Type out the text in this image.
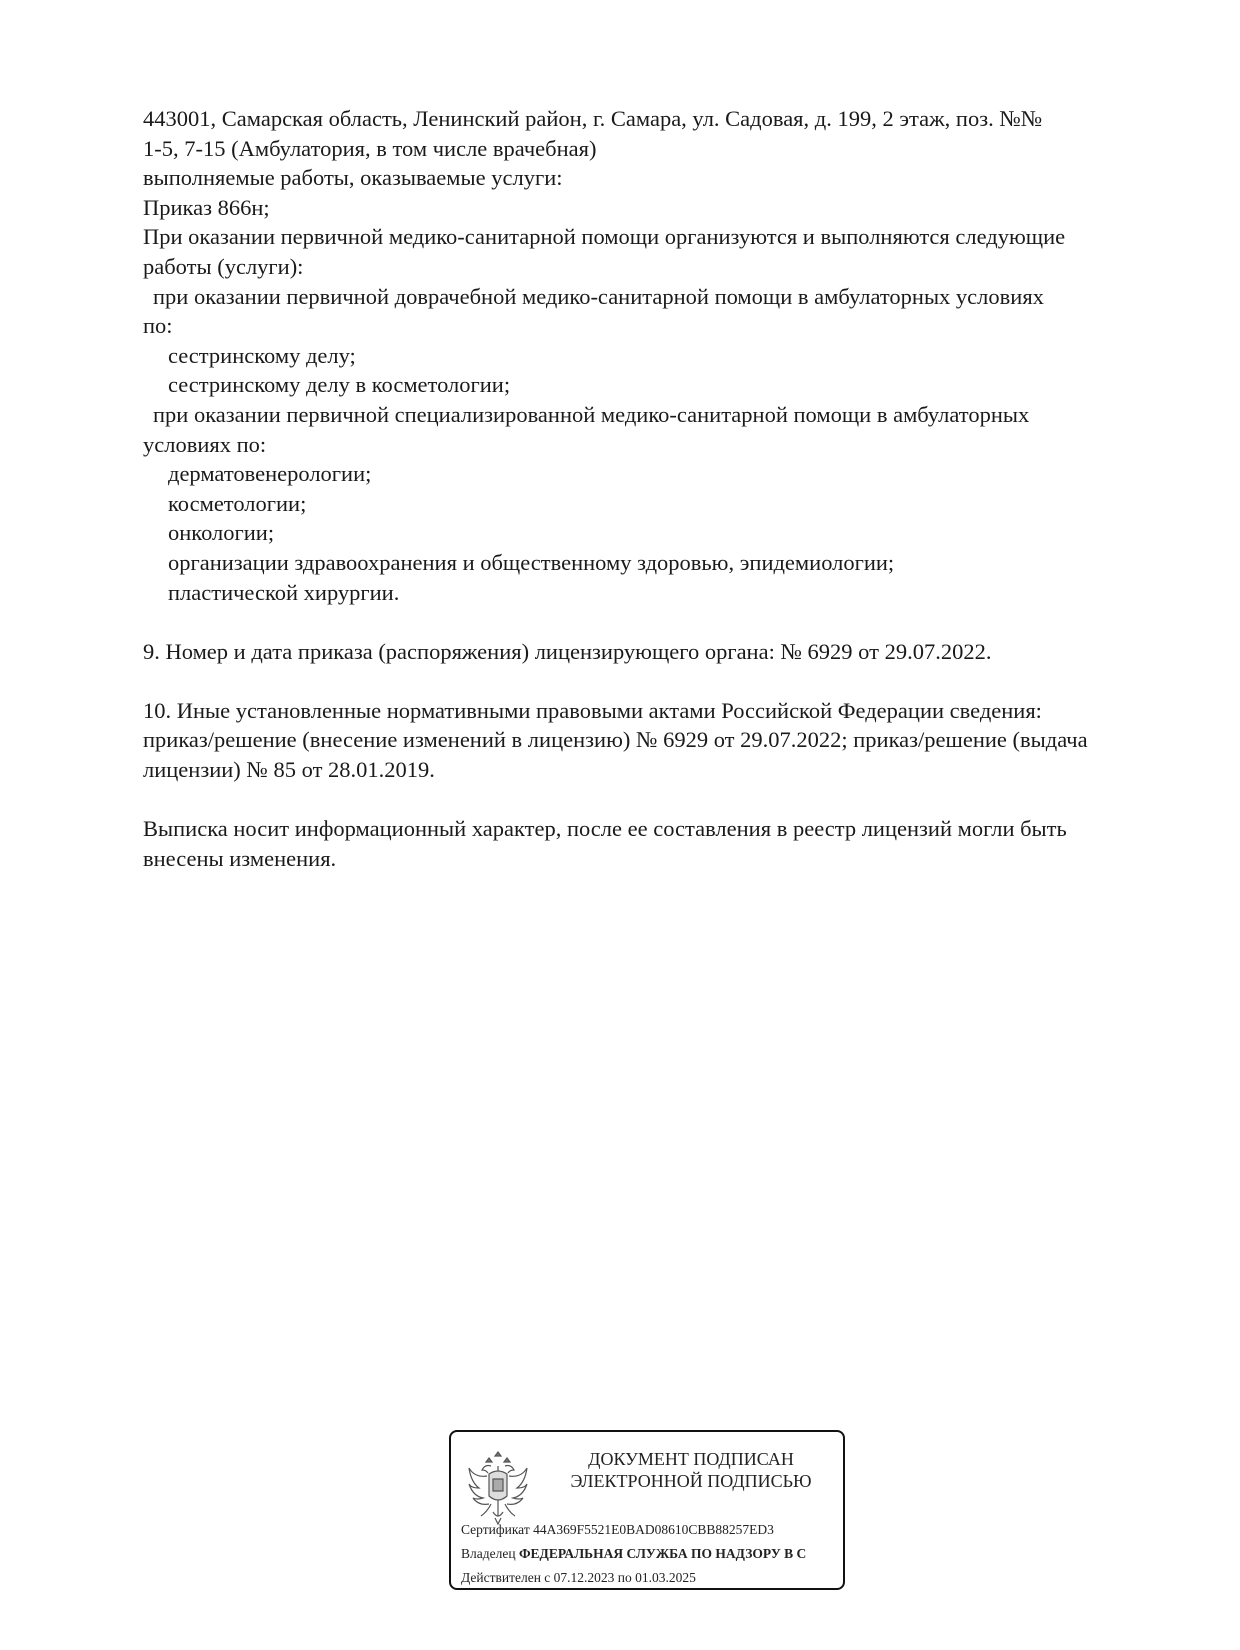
443001, Самарская область, Ленинский район, г. Самара, ул. Садовая, д. 199, 2 этаж, поз. №№
1-5, 7-15 (Амбулатория, в том числе врачебная)
выполняемые работы, оказываемые услуги:
Приказ 866н;
При оказании первичной медико-санитарной помощи организуются и выполняются следующие
работы (услуги):
при оказании первичной доврачебной медико-санитарной помощи в амбулаторных условиях
по:
сестринскому делу;
сестринскому делу в косметологии;
при оказании первичной специализированной медико-санитарной помощи в амбулаторных
условиях по:
дерматовенерологии;
косметологии;
онкологии;
организации здравоохранения и общественному здоровью, эпидемиологии;
пластической хирургии.
9. Номер и дата приказа (распоряжения) лицензирующего органа: № 6929 от 29.07.2022.
10. Иные установленные нормативными правовыми актами Российской Федерации сведения:
приказ/решение (внесение изменений в лицензию) № 6929 от 29.07.2022; приказ/решение (выдача
лицензии) № 85 от 28.01.2019.
Выписка носит информационный характер, после ее составления в реестр лицензий могли быть
внесены изменения.
ДОКУМЕНТ ПОДПИСАН
ЭЛЕКТРОННОЙ ПОДПИСЬЮ
Сертификат 44A369F5521E0BAD08610CBB88257ED3
Владелец ФЕДЕРАЛЬНАЯ СЛУЖБА ПО НАДЗОРУ В С
Действителен с 07.12.2023 по 01.03.2025
